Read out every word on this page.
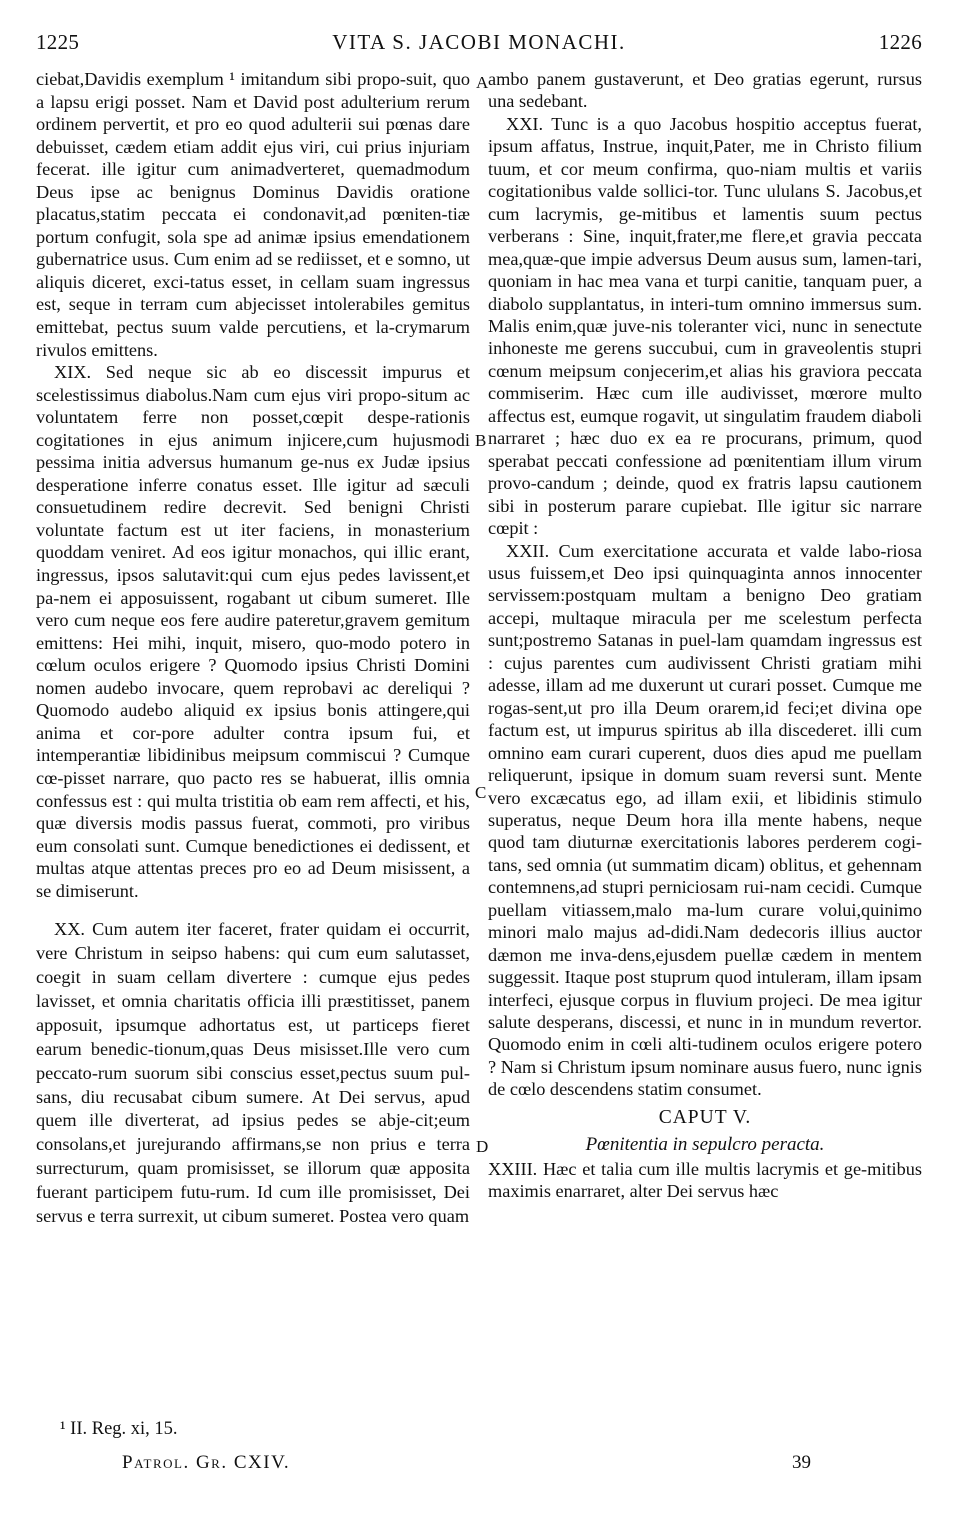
1225	VITA S. JACOBI MONACHI.	1226

ciebat,Davidis exemplum ¹ imitandum sibi propo-suit, quo a lapsu erigi posset. Nam et David post adulterium rerum ordinem pervertit, et pro eo quod adulterii sui pœnas dare debuisset, cædem etiam addit ejus viri, cui prius injuriam fecerat. ille igitur cum animadverteret, quemadmodum Deus ipse ac benignus Dominus Davidis oratione placatus,statim peccata ei condonavit,ad pœniten-tiæ portum confugit, sola spe ad animæ ipsius emendationem gubernatrice usus. Cum enim ad se rediisset, et e somno, ut aliquis diceret, exci-tatus esset, in cellam suam ingressus est, seque in terram cum abjecisset intolerabiles gemitus emittebat, pectus suum valde percutiens, et la-crymarum rivulos emittens.

XIX. Sed neque sic ab eo discessit impurus et scelestissimus diabolus.Nam cum ejus viri propo-situm ac voluntatem ferre non posset,cœpit despe-rationis cogitationes in ejus animum injicere,cum hujusmodi pessima initia adversus humanum ge-nus ex Judæ ipsius desperatione inferre conatus esset. Ille igitur ad sæculi consuetudinem redire decrevit. Sed benigni Christi voluntate factum est ut iter faciens, in monasterium quoddam veniret. Ad eos igitur monachos, qui illic erant, ingressus, ipsos salutavit:qui cum ejus pedes lavissent,et pa-nem ei apposuissent, rogabant ut cibum sumeret. Ille vero cum neque eos fere audire pateretur,gravem gemitum emittens: Hei mihi, inquit, misero, quo-modo potero in cœlum oculos erigere ? Quomodo ipsius Christi Domini nomen audebo invocare, quem reprobavi ac dereliqui ? Quomodo audebo aliquid ex ipsius bonis attingere,qui anima et cor-pore adulter contra ipsum fui, et intemperantiæ libidinibus meipsum commiscui ? Cumque cœ-pisset narrare, quo pacto res se habuerat, illis omnia confessus est : qui multa tristitia ob eam rem affecti, et his, quæ diversis modis passus fuerat, commoti, pro viribus eum consolati sunt. Cumque benedictiones ei dedissent, et multas atque attentas preces pro eo ad Deum misissent, a se dimiserunt.

XX. Cum autem iter faceret, frater quidam ei occurrit, vere Christum in seipso habens: qui cum eum salutasset, coegit in suam cellam divertere : cumque ejus pedes lavisset, et omnia charitatis officia illi præstitisset, panem apposuit, ipsumque adhortatus est, ut particeps fieret earum benedic-tionum,quas Deus misisset.Ille vero cum peccato-rum suorum sibi conscius esset,pectus suum pul-sans, diu recusabat cibum sumere. At Dei servus, apud quem ille diverterat, ad ipsius pedes se abje-cit;eum consolans,et jurejurando affirmans,se non prius e terra surrecturum, quam promisisset, se illorum quæ apposita fuerant participem futu-rum. Id cum ille promisisset, Dei servus e terra surrexit, ut cibum sumeret. Postea vero quam

A
B
C
D

ambo panem gustaverunt, et Deo gratias egerunt, rursus una sedebant.

XXI. Tunc is a quo Jacobus hospitio acceptus fuerat, ipsum affatus, Instrue, inquit,Pater, me in Christo filium tuum, et cor meum confirma, quo-niam multis et variis cogitationibus valde sollici-tor. Tunc ululans S. Jacobus,et cum lacrymis, ge-mitibus et lamentis suum pectus verberans : Sine, inquit,frater,me flere,et gravia peccata mea,quæ-que impie adversus Deum ausus sum, lamen-tari, quoniam in hac mea vana et turpi canitie, tanquam puer, a diabolo supplantatus, in interi-tum omnino immersus sum. Malis enim,quæ juve-nis toleranter vici, nunc in senectute inhoneste me gerens succubui, cum in graveolentis stupri cœnum meipsum conjecerim,et alias his graviora peccata commiserim. Hæc cum ille audivisset, mœrore multo affectus est, eumque rogavit, ut singulatim fraudem diaboli narraret ; hæc duo ex ea re procurans, primum, quod sperabat peccati confessione ad pœnitentiam illum virum provo-candum ; deinde, quod ex fratris lapsu cautionem sibi in posterum parare cupiebat. Ille igitur sic narrare cœpit :

XXII. Cum exercitatione accurata et valde labo-riosa usus fuissem,et Deo ipsi quinquaginta annos innocenter servissem:postquam multam a benigno Deo gratiam accepi, multaque miracula per me scelestum perfecta sunt;postremo Satanas in puel-lam quamdam ingressus est : cujus parentes cum audivissent Christi gratiam mihi adesse, illam ad me duxerunt ut curari posset. Cumque me rogas-sent,ut pro illa Deum orarem,id feci;et divina ope factum est, ut impurus spiritus ab illa discederet. illi cum omnino eam curari cuperent, duos dies apud me puellam reliquerunt, ipsique in domum suam reversi sunt. Mente vero excæcatus ego, ad illam exii, et libidinis stimulo superatus, neque Deum hora illa mente habens, neque quod tam diuturnæ exercitationis labores perderem cogi-tans, sed omnia (ut summatim dicam) oblitus, et gehennam contemnens,ad stupri perniciosam rui-nam cecidi. Cumque puellam vitiassem,malo ma-lum curare volui,quinimo minori malo majus ad-didi.Nam dedecoris illius auctor dæmon me inva-dens,ejusdem puellæ cædem in mentem suggessit. Itaque post stuprum quod intuleram, illam ipsam interfeci, ejusque corpus in fluvium projeci. De mea igitur salute desperans, discessi, et nunc in in mundum revertor. Quomodo enim in cœli alti-tudinem oculos erigere potero ? Nam si Christum ipsum nominare ausus fuero, nunc ignis de cœlo descendens statim consumet.

CAPUT V.
Pœnitentia in sepulcro peracta.

XXIII. Hæc et talia cum ille multis lacrymis et ge-mitibus maximis enarraret, alter Dei servus hæc

¹ II. Reg. xi, 15.
Patrol. Gr. CXIV.	39
